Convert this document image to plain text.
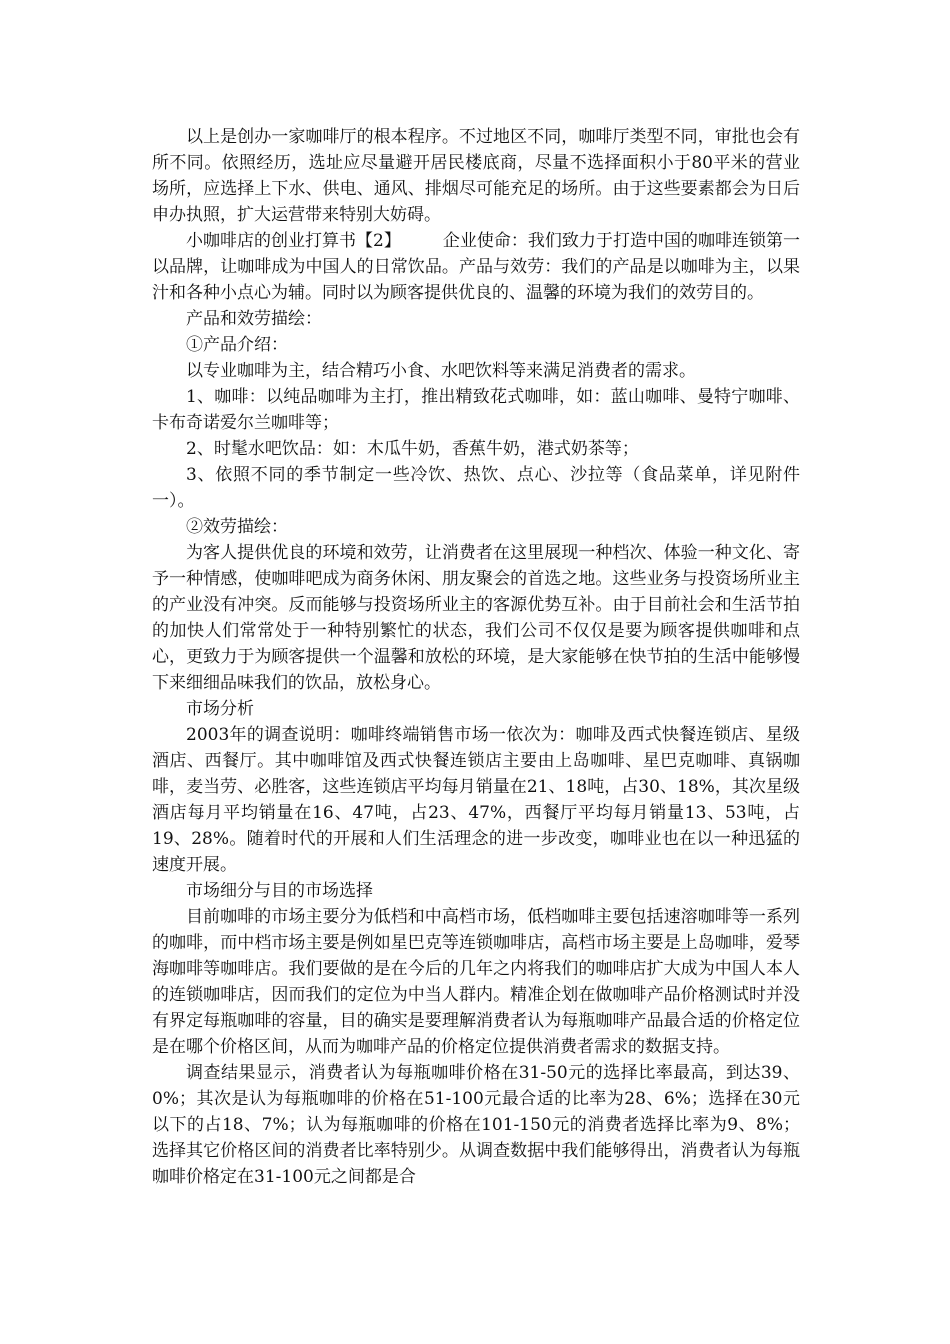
以上是创办一家咖啡厅的根本程序。不过地区不同，咖啡厅类型不同，审批也会有所不同。依照经历，选址应尽量避开居民楼底商，尽量不选择面积小于80平米的营业场所，应选择上下水、供电、通风、排烟尽可能充足的场所。由于这些要素都会为日后申办执照，扩大运营带来特别大妨碍。

小咖啡店的创业打算书【2】 企业使命：我们致力于打造中国的咖啡连锁第一以品牌，让咖啡成为中国人的日常饮品。产品与效劳：我们的产品是以咖啡为主，以果汁和各种小点心为辅。同时以为顾客提供优良的、温馨的环境为我们的效劳目的。

产品和效劳描绘：

①产品介绍：

以专业咖啡为主，结合精巧小食、水吧饮料等来满足消费者的需求。

1、咖啡：以纯品咖啡为主打，推出精致花式咖啡，如：蓝山咖啡、曼特宁咖啡、卡布奇诺爱尔兰咖啡等；

2、时髦水吧饮品：如：木瓜牛奶，香蕉牛奶，港式奶茶等；

3、依照不同的季节制定一些冷饮、热饮、点心、沙拉等（食品菜单，详见附件一）。

②效劳描绘：

为客人提供优良的环境和效劳，让消费者在这里展现一种档次、体验一种文化、寄予一种情感，使咖啡吧成为商务休闲、朋友聚会的首选之地。这些业务与投资场所业主的产业没有冲突。反而能够与投资场所业主的客源优势互补。由于目前社会和生活节拍的加快人们常常处于一种特别繁忙的状态，我们公司不仅仅是要为顾客提供咖啡和点心，更致力于为顾客提供一个温馨和放松的环境，是大家能够在快节拍的生活中能够慢下来细细品味我们的饮品，放松身心。

市场分析

2003年的调查说明：咖啡终端销售市场一依次为：咖啡及西式快餐连锁店、星级酒店、西餐厅。其中咖啡馆及西式快餐连锁店主要由上岛咖啡、星巴克咖啡、真锅咖啡，麦当劳、必胜客，这些连锁店平均每月销量在21、18吨，占30、18%，其次星级酒店每月平均销量在16、47吨，占23、47%，西餐厅平均每月销量13、53吨，占19、28%。随着时代的开展和人们生活理念的进一步改变，咖啡业也在以一种迅猛的速度开展。

市场细分与目的市场选择

目前咖啡的市场主要分为低档和中高档市场，低档咖啡主要包括速溶咖啡等一系列的咖啡，而中档市场主要是例如星巴克等连锁咖啡店，高档市场主要是上岛咖啡，爱琴海咖啡等咖啡店。我们要做的是在今后的几年之内将我们的咖啡店扩大成为中国人本人的连锁咖啡店，因而我们的定位为中当人群内。精准企划在做咖啡产品价格测试时并没有界定每瓶咖啡的容量，目的确实是要理解消费者认为每瓶咖啡产品最合适的价格定位是在哪个价格区间，从而为咖啡产品的价格定位提供消费者需求的数据支持。

调查结果显示，消费者认为每瓶咖啡价格在31-50元的选择比率最高，到达39、0%；其次是认为每瓶咖啡的价格在51-100元最合适的比率为28、6%；选择在30元以下的占18、7%；认为每瓶咖啡的价格在101-150元的消费者选择比率为9、8%；选择其它价格区间的消费者比率特别少。从调查数据中我们能够得出，消费者认为每瓶咖啡价格定在31-100元之间都是合
